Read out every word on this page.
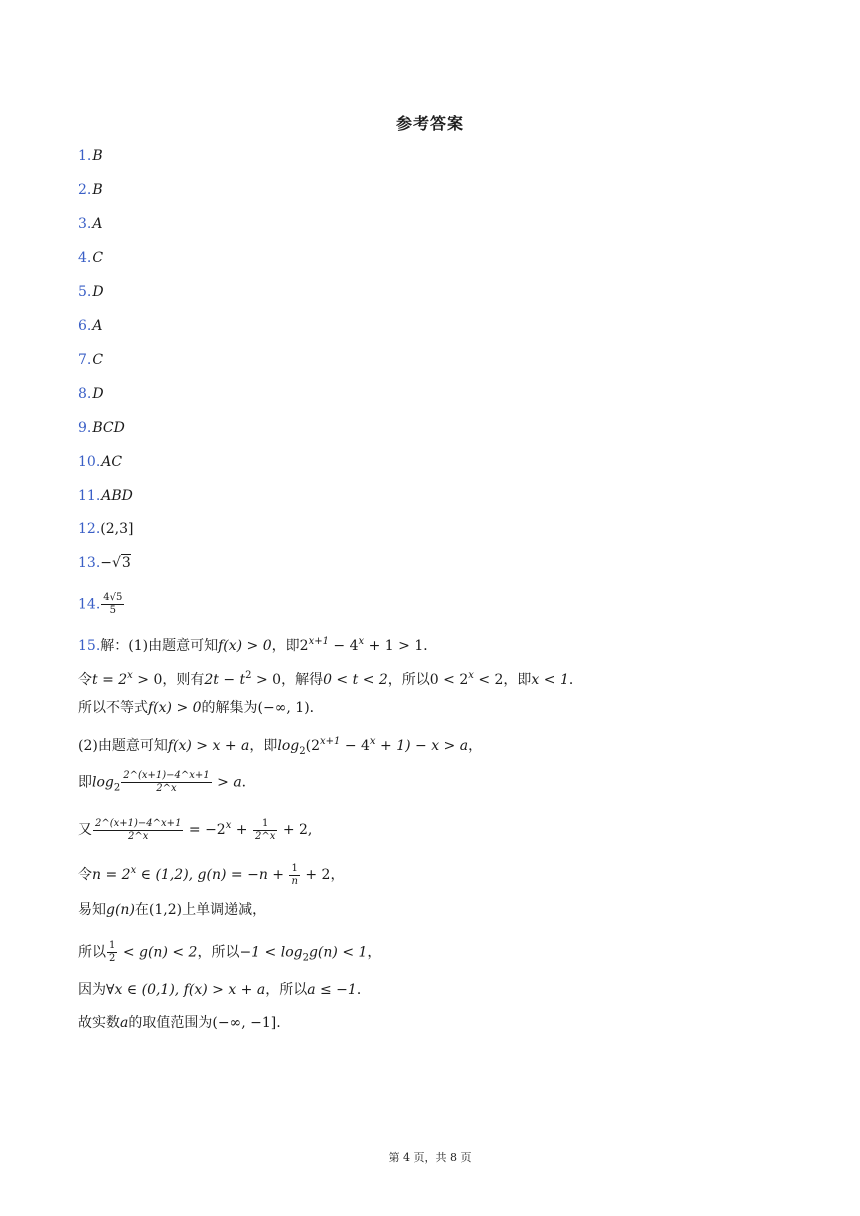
参考答案
1.B
2.B
3.A
4.C
5.D
6.A
7.C
8.D
9.BCD
10.AC
11.ABD
12.(2,3]
13.−√3
14. $\frac{4√5}{5}$
15.解：(1)由题意可知f(x) > 0，即$2^{x+1} - 4^x + 1 > 1$．
令$t = 2^x > 0$，则有$2t - t^2 > 0$，解得0 < t < 2，所以$0 < 2^x < 2$，即x < 1．
所以不等式f(x) > 0的解集为(−∞, 1)．
(2)由题意可知f(x) > x + a，即$\log_2(2^{x+1} - 4^x + 1) - x > a$，
即$\log_2 \frac{2\^{}(x+1)-4\^{}x+1}{2\^{}x} > a$．
又 $\frac{2\^{}(x+1)-4\^{}x+1}{2\^{}x} = -2^x + \frac{1}{2\^{}x} + 2$,
令$n = 2^x$ ∈ (1,2), $g(n) = -n + \frac{1}{n} + 2$，
易知g(n)在(1,2)上单调递减，
所以 $\frac{1}{2} < g(n) < 2$，所以$-1 < \log_2g(n) < 1$，
因为∀x ∈ (0,1), f(x) > x + a，所以a ≤ −1．
故实数a的取值范围为(−∞, −1].
第 4 页，共 8 页
